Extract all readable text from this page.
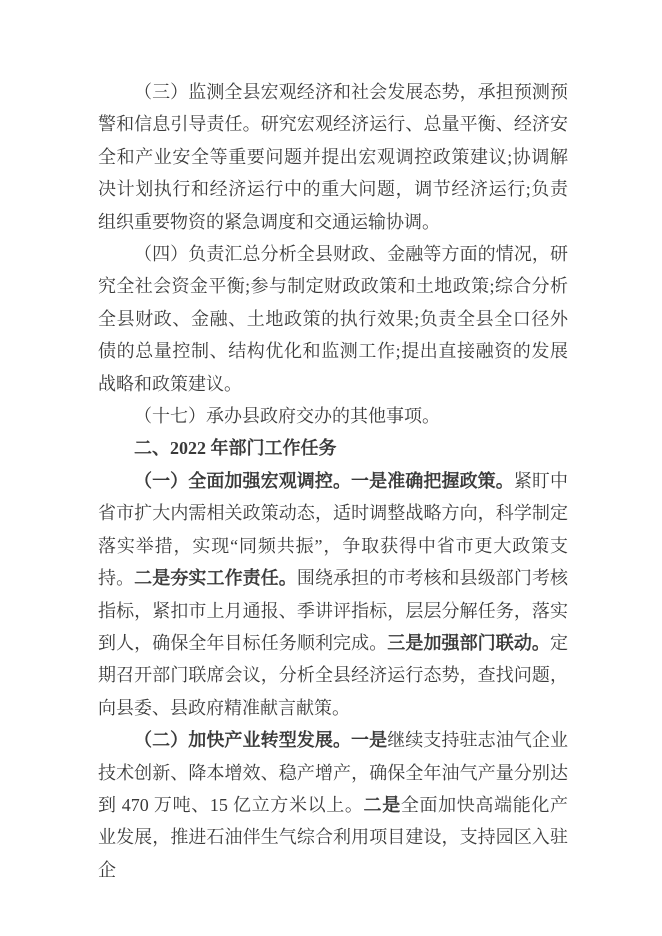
（三）监测全县宏观经济和社会发展态势，承担预测预警和信息引导责任。研究宏观经济运行、总量平衡、经济安全和产业安全等重要问题并提出宏观调控政策建议;协调解决计划执行和经济运行中的重大问题，调节经济运行;负责组织重要物资的紧急调度和交通运输协调。

（四）负责汇总分析全县财政、金融等方面的情况，研究全社会资金平衡;参与制定财政政策和土地政策;综合分析全县财政、金融、土地政策的执行效果;负责全县全口径外债的总量控制、结构优化和监测工作;提出直接融资的发展战略和政策建议。

（十七）承办县政府交办的其他事项。

二、2022 年部门工作任务

（一）全面加强宏观调控。一是准确把握政策。紧盯中省市扩大内需相关政策动态，适时调整战略方向，科学制定落实举措，实现“同频共振”，争取获得中省市更大政策支持。二是夯实工作责任。围绕承担的市考核和县级部门考核指标，紧扣市上月通报、季讲评指标，层层分解任务，落实到人，确保全年目标任务顺利完成。三是加强部门联动。定期召开部门联席会议，分析全县经济运行态势，查找问题，向县委、县政府精准献言献策。

（二）加快产业转型发展。一是继续支持驻志油气企业技术创新、降本增效、稳产增产，确保全年油气产量分别达到 470 万吨、15 亿立方米以上。二是全面加快高端能化产业发展，推进石油伴生气综合利用项目建设，支持园区入驻企
